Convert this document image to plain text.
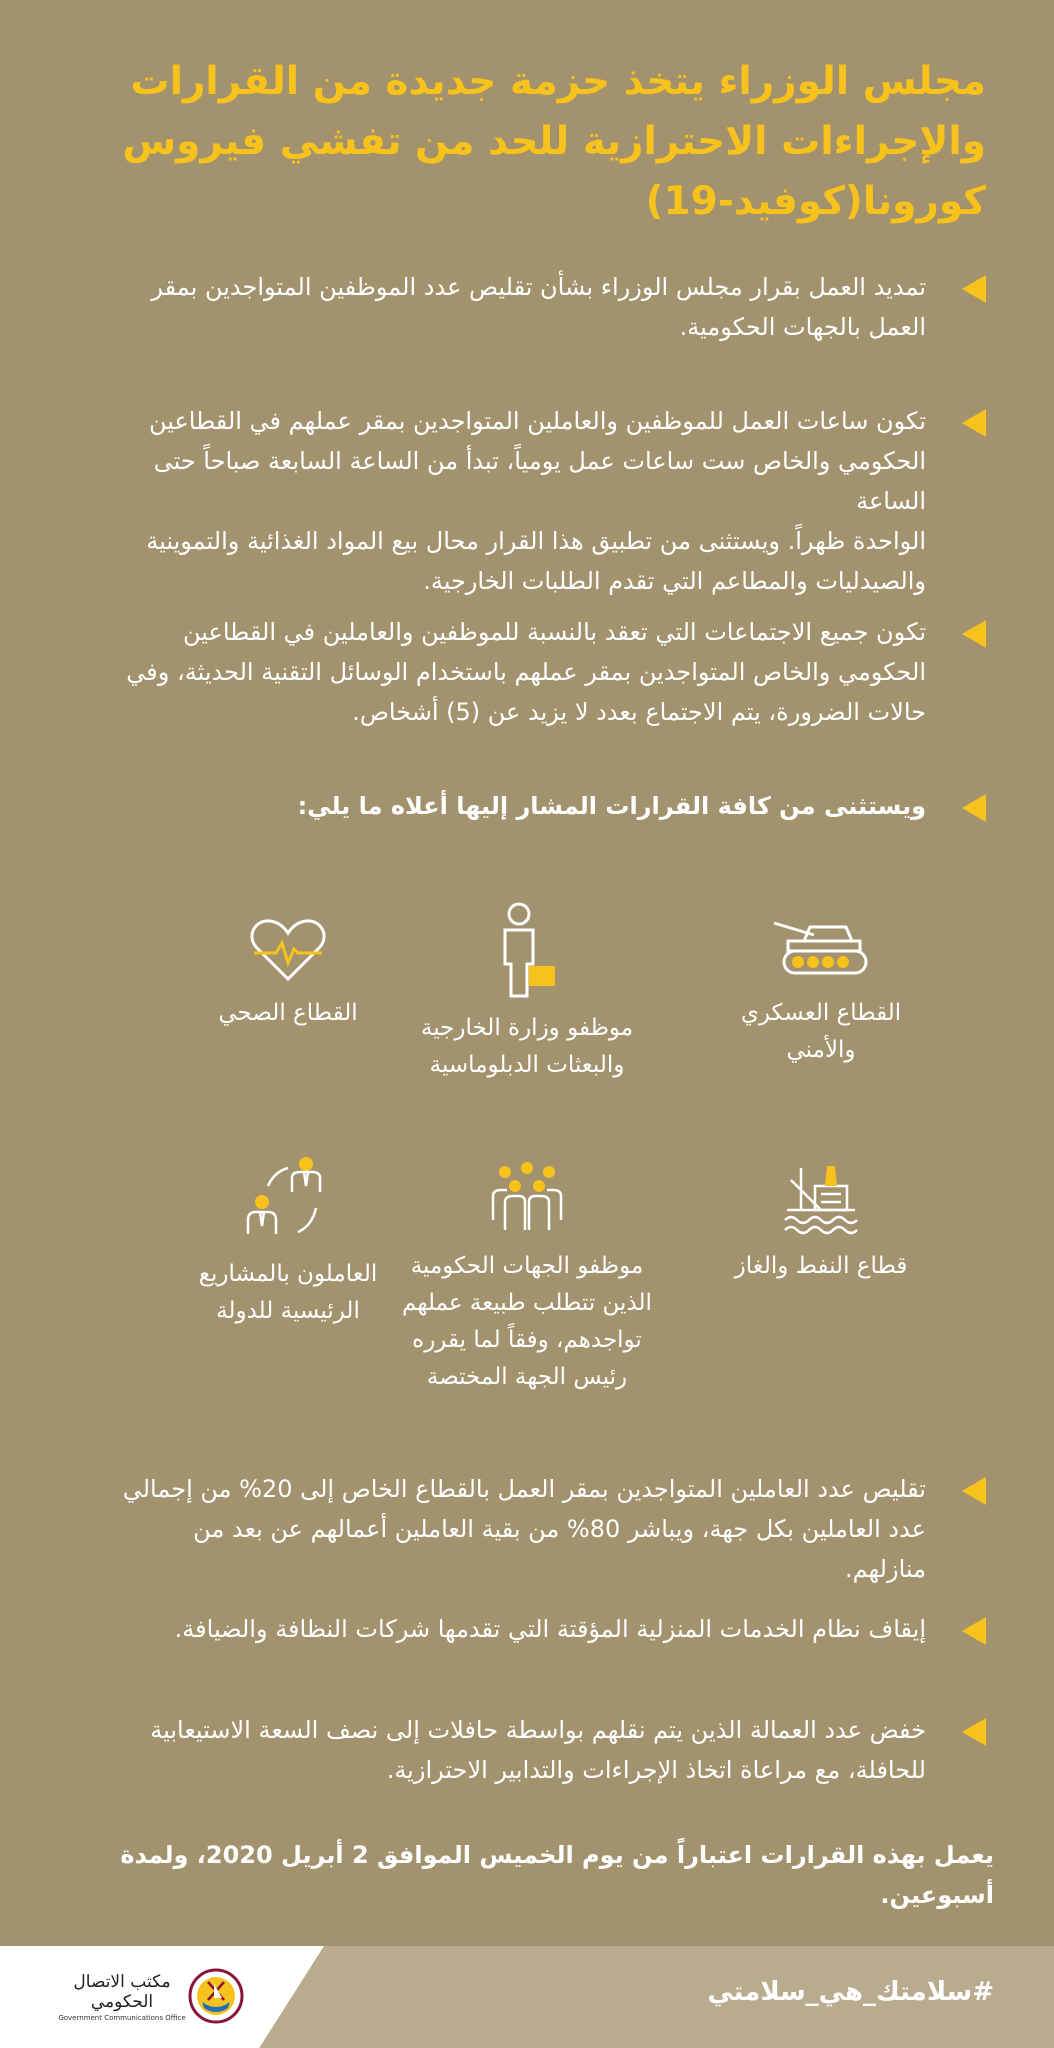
مجلس الوزراء يتخذ حزمة جديدة من القرارات
والإجراءات الاحترازية للحد من تفشي فيروس
كورونا(كوفيد-19)
تمديد العمل بقرار مجلس الوزراء بشأن تقليص عدد الموظفين المتواجدين بمقر
العمل بالجهات الحكومية.
تكون ساعات العمل للموظفين والعاملين المتواجدين بمقر عملهم في القطاعين
الحكومي والخاص ست ساعات عمل يومياً، تبدأ من الساعة السابعة صباحاً حتى الساعة
الواحدة ظهراً. ويستثنى من تطبيق هذا القرار محال بيع المواد الغذائية والتموينية
والصيدليات والمطاعم التي تقدم الطلبات الخارجية.
تكون جميع الاجتماعات التي تعقد بالنسبة للموظفين والعاملين في القطاعين
الحكومي والخاص المتواجدين بمقر عملهم باستخدام الوسائل التقنية الحديثة، وفي
حالات الضرورة، يتم الاجتماع بعدد لا يزيد عن (5) أشخاص.
ويستثنى من كافة القرارات المشار إليها أعلاه ما يلي:
القطاع العسكري
والأمني
موظفو وزارة الخارجية
والبعثات الدبلوماسية
القطاع الصحي
قطاع النفط والغاز
موظفو الجهات الحكومية
الذين تتطلب طبيعة عملهم
تواجدهم، وفقاً لما يقرره
رئيس الجهة المختصة
العاملون بالمشاريع
الرئيسية للدولة
تقليص عدد العاملين المتواجدين بمقر العمل بالقطاع الخاص إلى 20% من إجمالي
عدد العاملين بكل جهة، ويباشر 80% من بقية العاملين أعمالهم عن بعد من منازلهم.
إيقاف نظام الخدمات المنزلية المؤقتة التي تقدمها شركات النظافة والضيافة.
خفض عدد العمالة الذين يتم نقلهم بواسطة حافلات إلى نصف السعة الاستيعابية
للحافلة، مع مراعاة اتخاذ الإجراءات والتدابير الاحترازية.
يعمل بهذه القرارات اعتباراً من يوم الخميس الموافق 2 أبريل 2020، ولمدة أسبوعين.
#سلامتك_هي_سلامتي
مكتب الاتصال الحكومي
Government Communications Office
